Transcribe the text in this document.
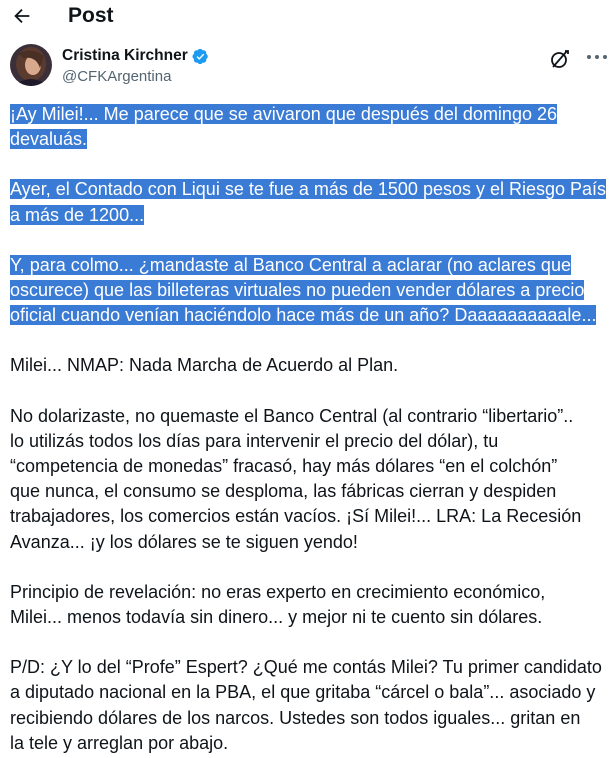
Post
Cristina Kirchner
@CFKArgentina

¡Ay Milei!... Me parece que se avivaron que después del domingo 26
devaluás.

Ayer, el Contado con Liqui se te fue a más de 1500 pesos y el Riesgo País
a más de 1200...

Y, para colmo... ¿mandaste al Banco Central a aclarar (no aclares que
oscurece) que las billeteras virtuales no pueden vender dólares a precio
oficial cuando venían haciéndolo hace más de un año? Daaaaaaaaaale...

Milei... NMAP: Nada Marcha de Acuerdo al Plan.

No dolarizaste, no quemaste el Banco Central (al contrario “libertario”..
lo utilizás todos los días para intervenir el precio del dólar), tu
“competencia de monedas” fracasó, hay más dólares “en el colchón”
que nunca, el consumo se desploma, las fábricas cierran y despiden
trabajadores, los comercios están vacíos. ¡Sí Milei!... LRA: La Recesión
Avanza... ¡y los dólares se te siguen yendo!

Principio de revelación: no eras experto en crecimiento económico,
Milei... menos todavía sin dinero... y mejor ni te cuento sin dólares.

P/D: ¿Y lo del “Profe” Espert? ¿Qué me contás Milei? Tu primer candidato
a diputado nacional en la PBA, el que gritaba “cárcel o bala”... asociado y
recibiendo dólares de los narcos. Ustedes son todos iguales... gritan en
la tele y arreglan por abajo.
